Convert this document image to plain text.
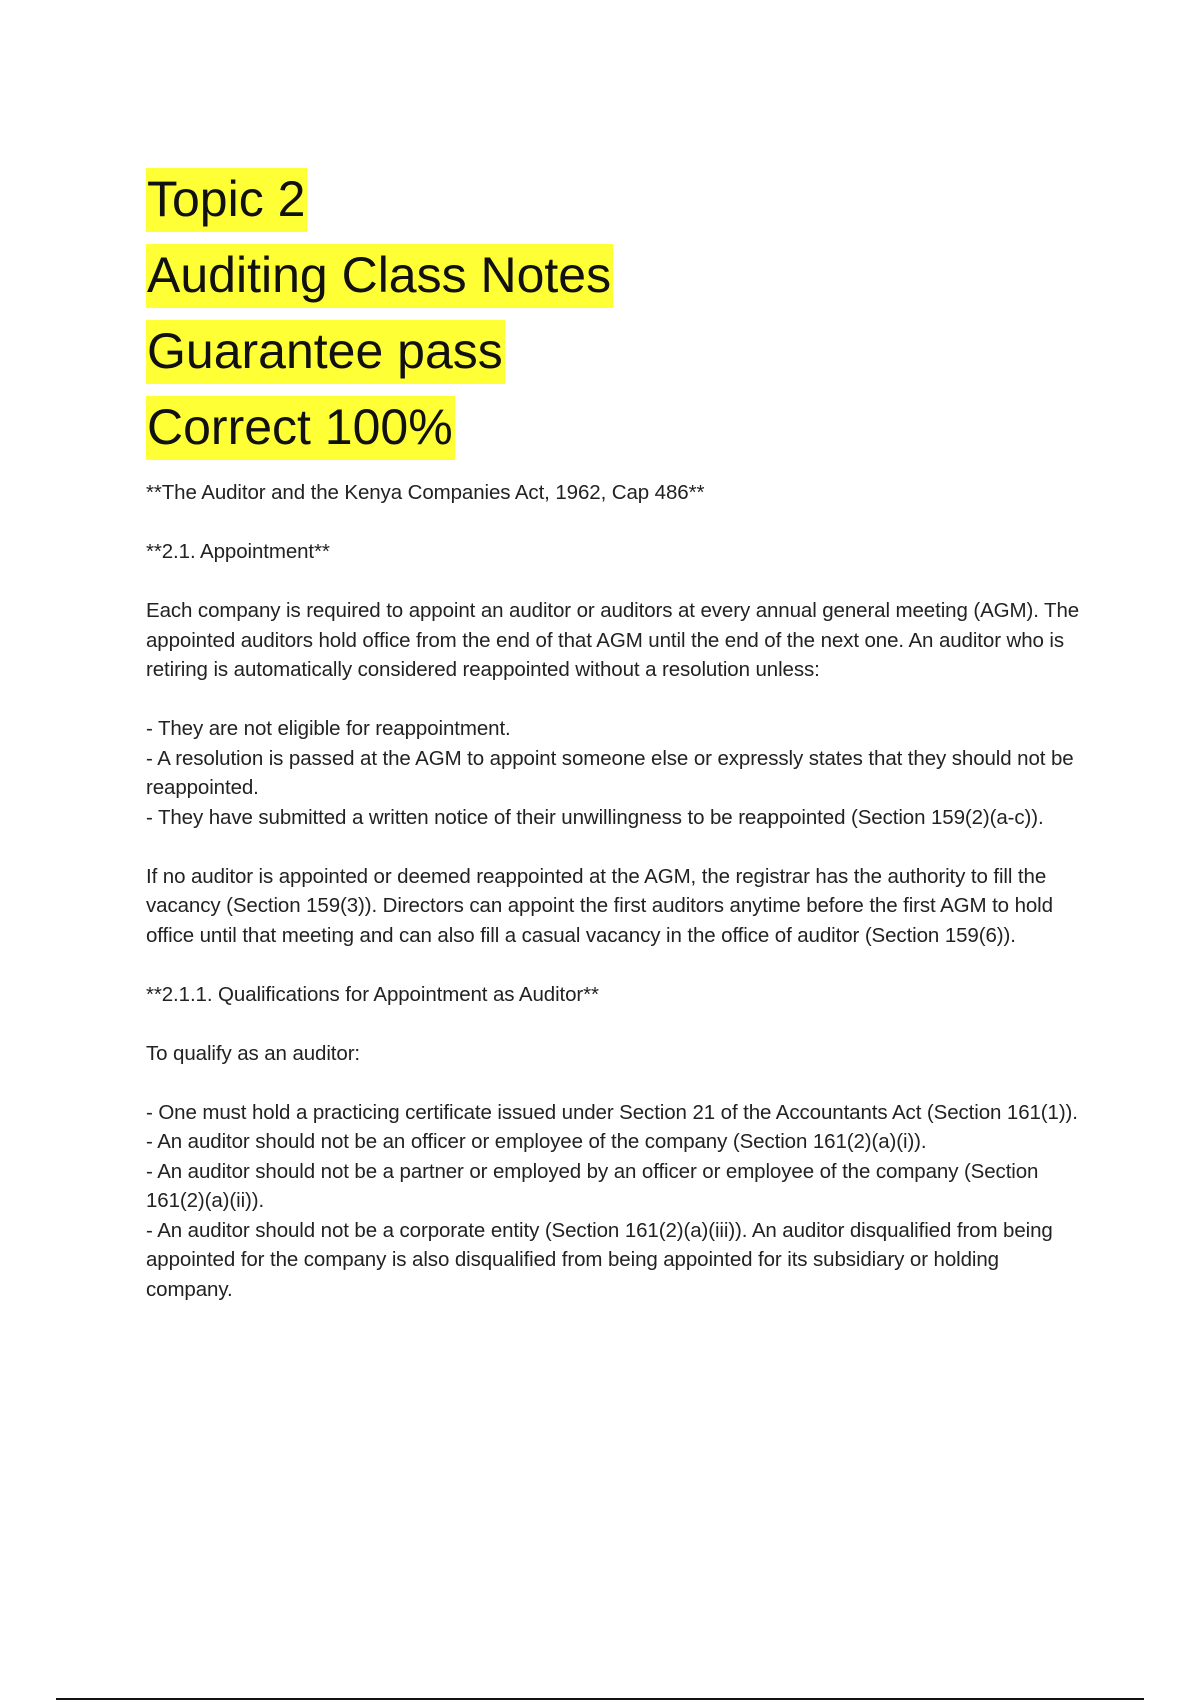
Topic 2
Auditing Class Notes
Guarantee pass
Correct 100%

**The Auditor and the Kenya Companies Act, 1962, Cap 486**

**2.1. Appointment**

Each company is required to appoint an auditor or auditors at every annual general meeting (AGM). The appointed auditors hold office from the end of that AGM until the end of the next one. An auditor who is retiring is automatically considered reappointed without a resolution unless:

- They are not eligible for reappointment.

- A resolution is passed at the AGM to appoint someone else or expressly states that they should not be reappointed.

- They have submitted a written notice of their unwillingness to be reappointed (Section 159(2)(a-c)).

If no auditor is appointed or deemed reappointed at the AGM, the registrar has the authority to fill the vacancy (Section 159(3)). Directors can appoint the first auditors anytime before the first AGM to hold office until that meeting and can also fill a casual vacancy in the office of auditor (Section 159(6)).

**2.1.1. Qualifications for Appointment as Auditor**

To qualify as an auditor:

- One must hold a practicing certificate issued under Section 21 of the Accountants Act (Section 161(1)).

- An auditor should not be an officer or employee of the company (Section 161(2)(a)(i)).

- An auditor should not be a partner or employed by an officer or employee of the company (Section 161(2)(a)(ii)).

- An auditor should not be a corporate entity (Section 161(2)(a)(iii)). An auditor disqualified from being appointed for the company is also disqualified from being appointed for its subsidiary or holding company.
